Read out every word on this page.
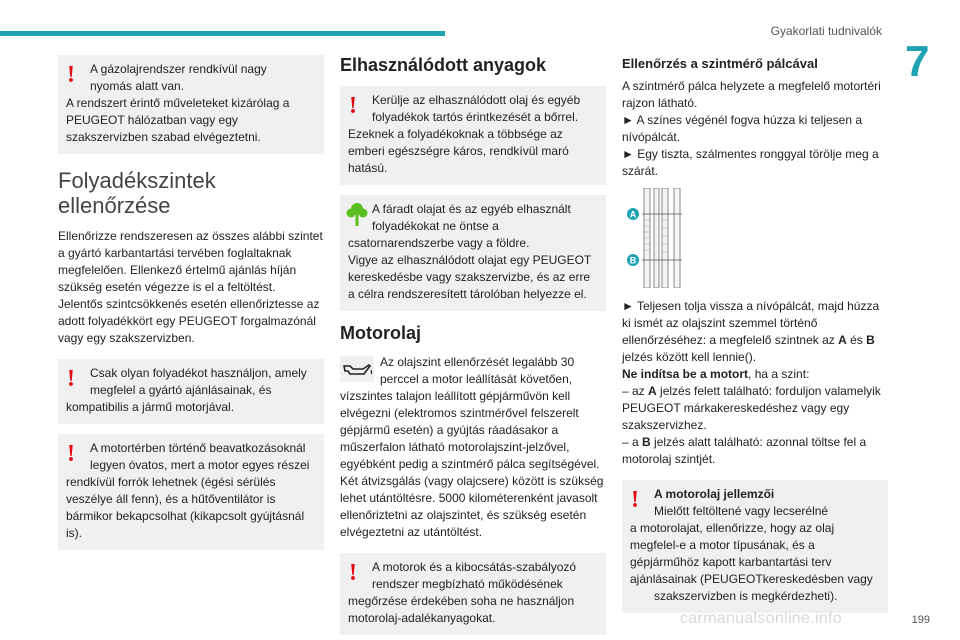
Gyakorlati tudnivalók
7
!	A gázolajrendszer rendkívül nagy
nyomás alatt van.

A rendszert érintő műveleteket kizárólag a PEUGEOT hálózatban vagy egy szakszervizben szabad elvégeztetni.

Folyadékszintek ellenőrzése

Ellenőrizze rendszeresen az összes alábbi szintet a gyártó karbantartási tervében foglaltaknak megfelelően. Ellenkező értelmű ajánlás híján szükség esetén végezze is el a feltöltést.

Jelentős szintcsökkenés esetén ellenőriztesse az adott folyadékkört egy PEUGEOT forgalmazónál vagy egy szakszervizben.

!	Csak olyan folyadékot használjon, amely
megfelel a gyártó ajánlásainak, és

kompatibilis a jármű motorjával.

!	A motortérben történő beavatkozásoknál
legyen óvatos, mert a motor egyes részei

rendkívül forrók lehetnek (égési sérülés veszélye áll fenn), és a hűtőventilátor is bármikor bekapcsolhat (kikapcsolt gyújtásnál is).

Elhasználódott anyagok
!	Kerülje az elhasználódott olaj és egyéb
folyadékok tartós érintkezését a bőrrel.

Ezeknek a folyadékoknak a többsége az emberi egészségre káros, rendkívül maró hatású.

A fáradt olajat és az egyéb elhasznált
folyadékokat ne öntse a

csatornarendszerbe vagy a földre.

Vigye az elhasználódott olajat egy PEUGEOT kereskedésbe vagy szakszervizbe, és az erre a célra rendszeresített tárolóban helyezze el.

Motorolaj

Az olajszint ellenőrzését legalább 30 perccel a motor leállítását követően, vízszintes talajon leállított gépjárművön kell elvégezni (elektromos szintmérővel felszerelt gépjármű esetén) a gyújtás ráadásakor a műszerfalon látható motorolajszint-jelzővel, egyébként pedig a szintmérő pálca segítségével.

Két átvizsgálás (vagy olajcsere) között is szükség lehet utántöltésre. 5000 kilométerenként javasolt ellenőriztetni az olajszintet, és szükség esetén elvégeztetni az utántöltést.

!	A motorok és a kibocsátás-szabályozó
rendszer megbízható működésének

megőrzése érdekében soha ne használjon motorolaj-adalékanyagokat.

Ellenőrzés a szintmérő pálcával

A szintmérő pálca helyzete a megfelelő motortéri rajzon látható.

► A színes végénél fogva húzza ki teljesen a nívópálcát.

► Egy tiszta, szálmentes ronggyal törölje meg a szárát.

A
B

► Teljesen tolja vissza a nívópálcát, majd húzza ki ismét az olajszint szemmel történő ellenőrzéséhez: a megfelelő szintnek az A és B jelzés között kell lennie().

Ne indítsa be a motort, ha a szint:

– az A jelzés felett található: forduljon valamelyik PEUGEOT márkakereskedéshez vagy egy szakszervizhez.

– a B jelzés alatt található: azonnal töltse fel a motorolaj szintjét.

!	A motorolaj jellemzői
Mielőtt feltöltené vagy lecserélné

a motorolajat, ellenőrizze, hogy az olaj megfelel-e a motor típusának, és a gépjárműhöz kapott karbantartási terv ajánlásainak (PEUGEOTkereskedésben vagy

szakszervizben is megkérdezheti).
carmanualsonline.info	199
